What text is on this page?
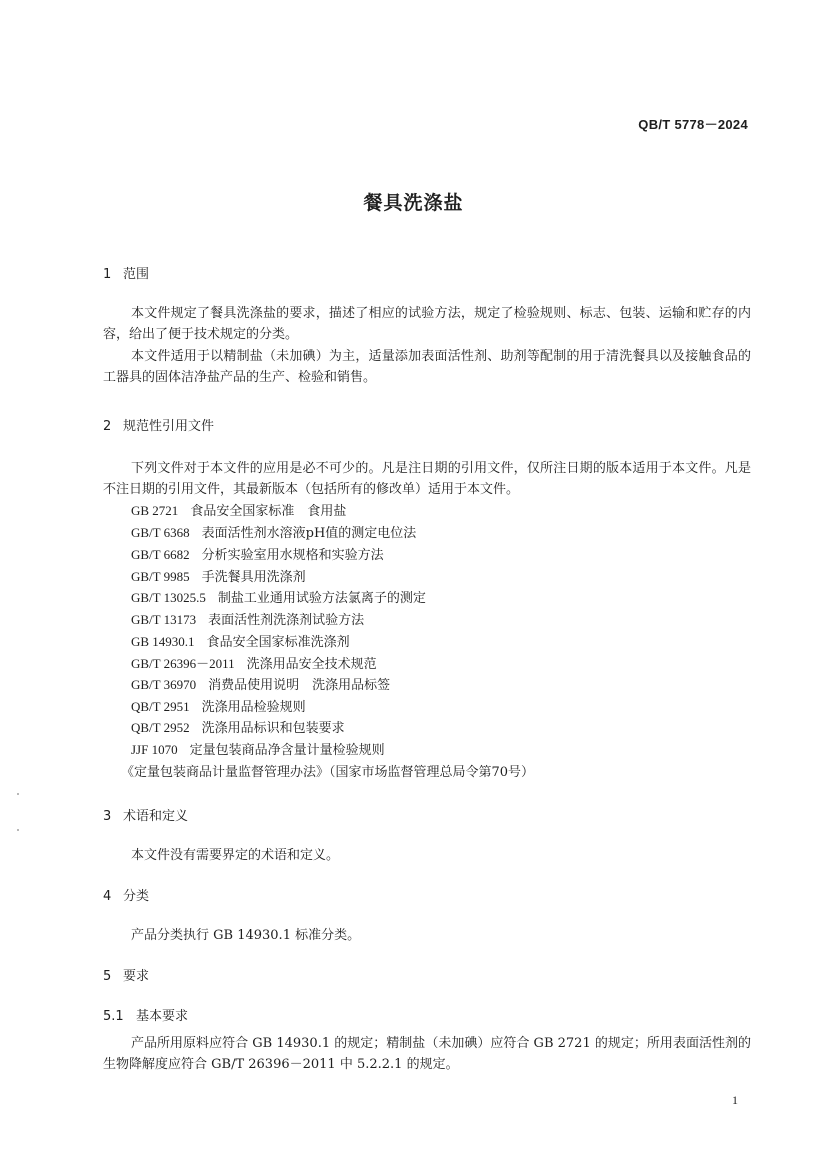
QB/T 5778－2024
餐具洗涤盐
1 范围

本文件规定了餐具洗涤盐的要求，描述了相应的试验方法，规定了检验规则、标志、包装、运输和贮存的内容，给出了便于技术规定的分类。

本文件适用于以精制盐（未加碘）为主，适量添加表面活性剂、助剂等配制的用于清洗餐具以及接触食品的工器具的固体洁净盐产品的生产、检验和销售。

2 规范性引用文件

下列文件对于本文件的应用是必不可少的。凡是注日期的引用文件，仅所注日期的版本适用于本文件。凡是不注日期的引用文件，其最新版本（包括所有的修改单）适用于本文件。

GB 2721 食品安全国家标准　食用盐
GB/T 6368 表面活性剂水溶液pH值的测定电位法
GB/T 6682 分析实验室用水规格和实验方法
GB/T 9985 手洗餐具用洗涤剂
GB/T 13025.5 制盐工业通用试验方法氯离子的测定
GB/T 13173 表面活性剂洗涤剂试验方法
GB 14930.1 食品安全国家标准洗涤剂
GB/T 26396－2011 洗涤用品安全技术规范
GB/T 36970 消费品使用说明　洗涤用品标签
QB/T 2951 洗涤用品检验规则
QB/T 2952 洗涤用品标识和包装要求
JJF 1070 定量包装商品净含量计量检验规则
《定量包装商品计量监督管理办法》（国家市场监督管理总局令第70号）
3 术语和定义

本文件没有需要界定的术语和定义。

4 分类

产品分类执行 GB 14930.1 标准分类。

5 要求
5.1 基本要求

产品所用原料应符合 GB 14930.1 的规定；精制盐（未加碘）应符合 GB 2721 的规定；所用表面活性剂的生物降解度应符合 GB/T 26396－2011 中 5.2.2.1 的规定。

1
